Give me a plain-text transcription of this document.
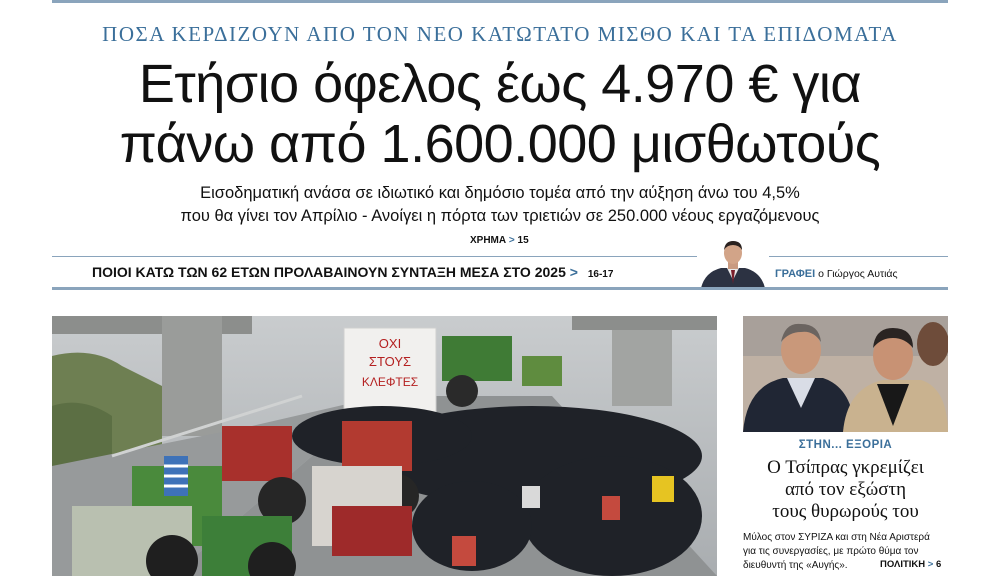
ΠΟΣΑ ΚΕΡΔΙΖΟΥΝ ΑΠΟ ΤΟΝ ΝΕΟ ΚΑΤΩΤΑΤΟ ΜΙΣΘΟ ΚΑΙ ΤΑ ΕΠΙΔΟΜΑΤΑ
Ετήσιο όφελος έως 4.970 € για
πάνω από 1.600.000 μισθωτούς
Εισοδηματική ανάσα σε ιδιωτικό και δημόσιο τομέα από την αύξηση άνω του 4,5%
που θα γίνει τον Απρίλιο - Ανοίγει η πόρτα των τριετιών σε 250.000 νέους εργαζόμενους
ΧΡΗΜΑ > 15
ΠΟΙΟΙ ΚΑΤΩ ΤΩΝ 62 ΕΤΩΝ ΠΡΟΛΑΒΑΙΝΟΥΝ ΣΥΝΤΑΞΗ ΜΕΣΑ ΣΤΟ 2025 > 16-17	ΓΡΑΦΕΙ ο Γιώργος Αυτιάς
ΟΧΙ
ΣΤΟΥΣ
ΚΛΕΦΤΕΣ
ΣΤΗΝ... ΕΞΟΡΙΑ
Ο Τσίπρας γκρεμίζει
από τον εξώστη
τους θυρωρούς του
Μύλος στον ΣΥΡΙΖΑ και στη Νέα Αριστερά
για τις συνεργασίες, με πρώτο θύμα τον
διευθυντή της «Αυγής».	ΠΟΛΙΤΙΚΗ > 6
